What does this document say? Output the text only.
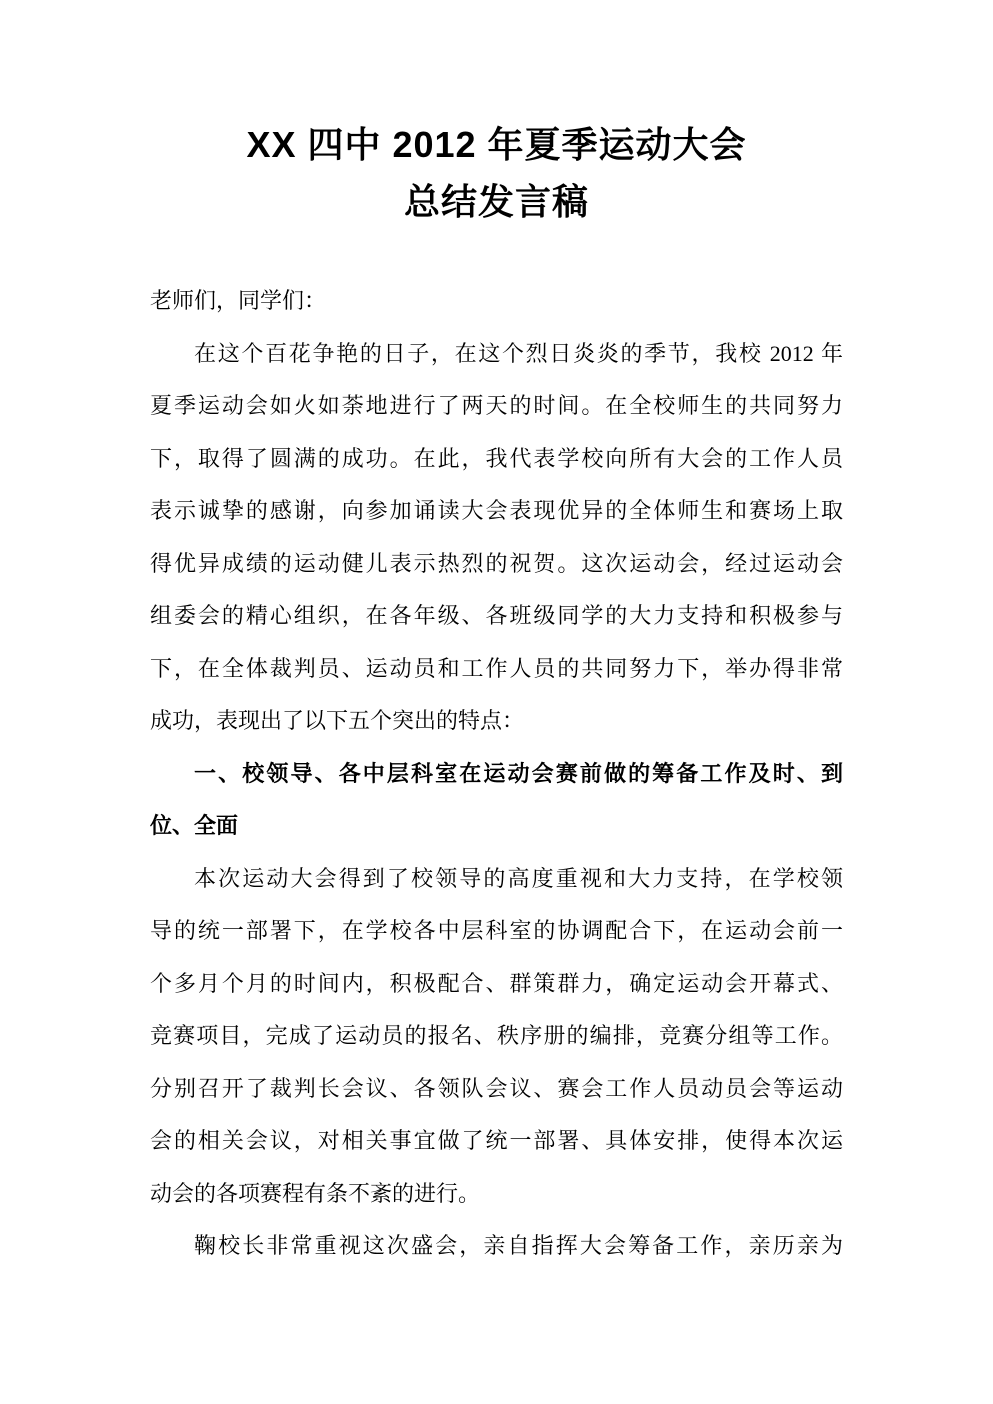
XX 四中 2012 年夏季运动大会
总结发言稿
老师们，同学们：
在这个百花争艳的日子，在这个烈日炎炎的季节，我校 2012 年
夏季运动会如火如荼地进行了两天的时间。在全校师生的共同努力
下，取得了圆满的成功。在此，我代表学校向所有大会的工作人员
表示诚挚的感谢，向参加诵读大会表现优异的全体师生和赛场上取
得优异成绩的运动健儿表示热烈的祝贺。这次运动会，经过运动会
组委会的精心组织，在各年级、各班级同学的大力支持和积极参与
下，在全体裁判员、运动员和工作人员的共同努力下，举办得非常
成功，表现出了以下五个突出的特点：
一、校领导、各中层科室在运动会赛前做的筹备工作及时、到
位、全面
本次运动大会得到了校领导的高度重视和大力支持，在学校领
导的统一部署下，在学校各中层科室的协调配合下，在运动会前一
个多月个月的时间内，积极配合、群策群力，确定运动会开幕式、
竞赛项目，完成了运动员的报名、秩序册的编排，竞赛分组等工作。
分别召开了裁判长会议、各领队会议、赛会工作人员动员会等运动
会的相关会议，对相关事宜做了统一部署、具体安排，使得本次运
动会的各项赛程有条不紊的进行。
鞠校长非常重视这次盛会，亲自指挥大会筹备工作，亲历亲为
